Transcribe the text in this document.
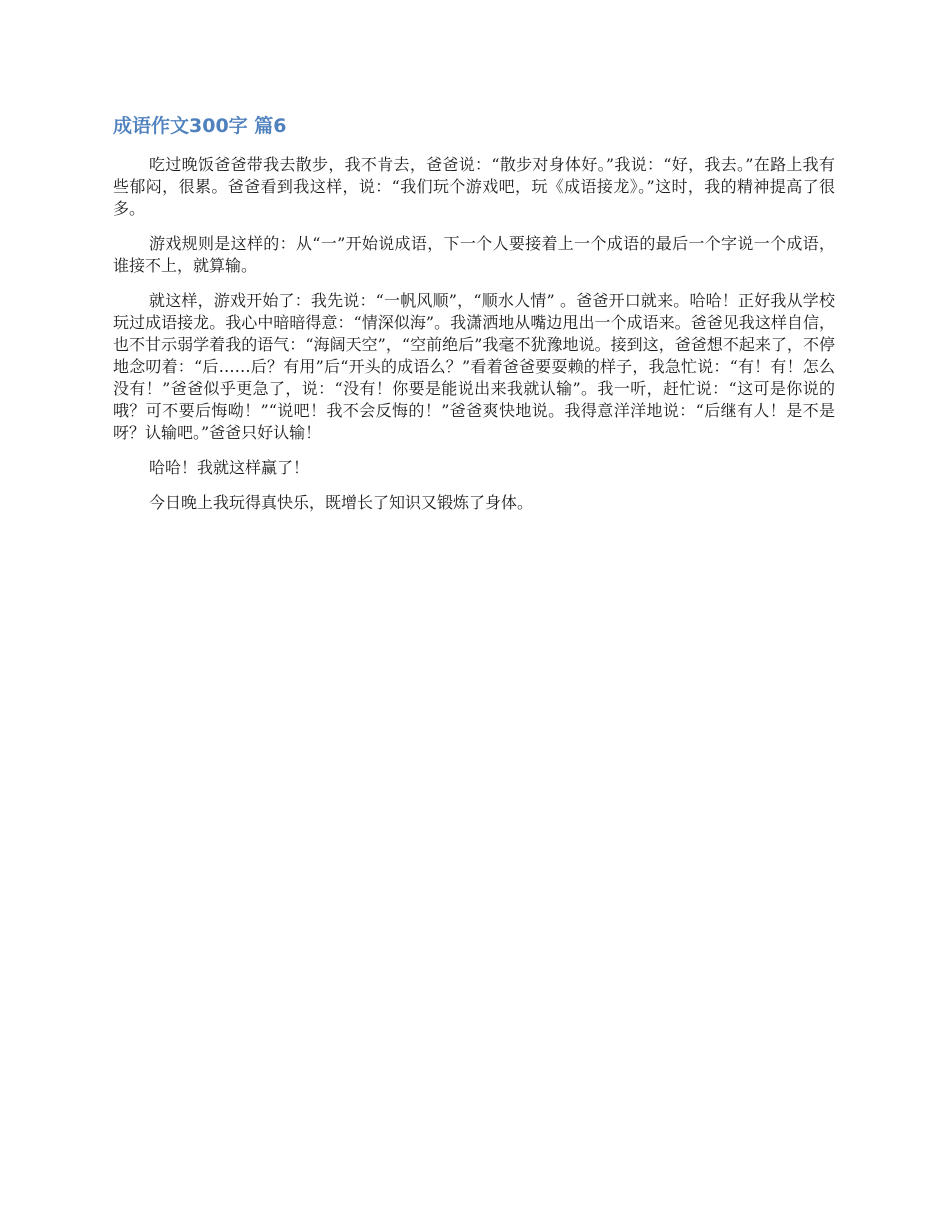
成语作文300字 篇6

吃过晚饭爸爸带我去散步，我不肯去，爸爸说：“散步对身体好。”我说：“好，我去。”在路上我有些郁闷，很累。爸爸看到我这样，说：“我们玩个游戏吧，玩《成语接龙》。”这时，我的精神提高了很多。

游戏规则是这样的：从“一”开始说成语，下一个人要接着上一个成语的最后一个字说一个成语，谁接不上，就算输。

就这样，游戏开始了：我先说：“一帆风顺”，“顺水人情” 。爸爸开口就来。哈哈！正好我从学校玩过成语接龙。我心中暗暗得意：“情深似海”。我潇洒地从嘴边甩出一个成语来。爸爸见我这样自信，也不甘示弱学着我的语气：“海阔天空”，“空前绝后”我毫不犹豫地说。接到这，爸爸想不起来了，不停地念叨着：“后……后？有用”后“开头的成语么？”看着爸爸要耍赖的样子，我急忙说：“有！有！怎么没有！”爸爸似乎更急了，说：“没有！你要是能说出来我就认输”。我一听，赶忙说：“这可是你说的哦？可不要后悔呦！”“说吧！我不会反悔的！”爸爸爽快地说。我得意洋洋地说：“后继有人！是不是呀？认输吧。”爸爸只好认输！

哈哈！我就这样赢了！

今日晚上我玩得真快乐，既增长了知识又锻炼了身体。
